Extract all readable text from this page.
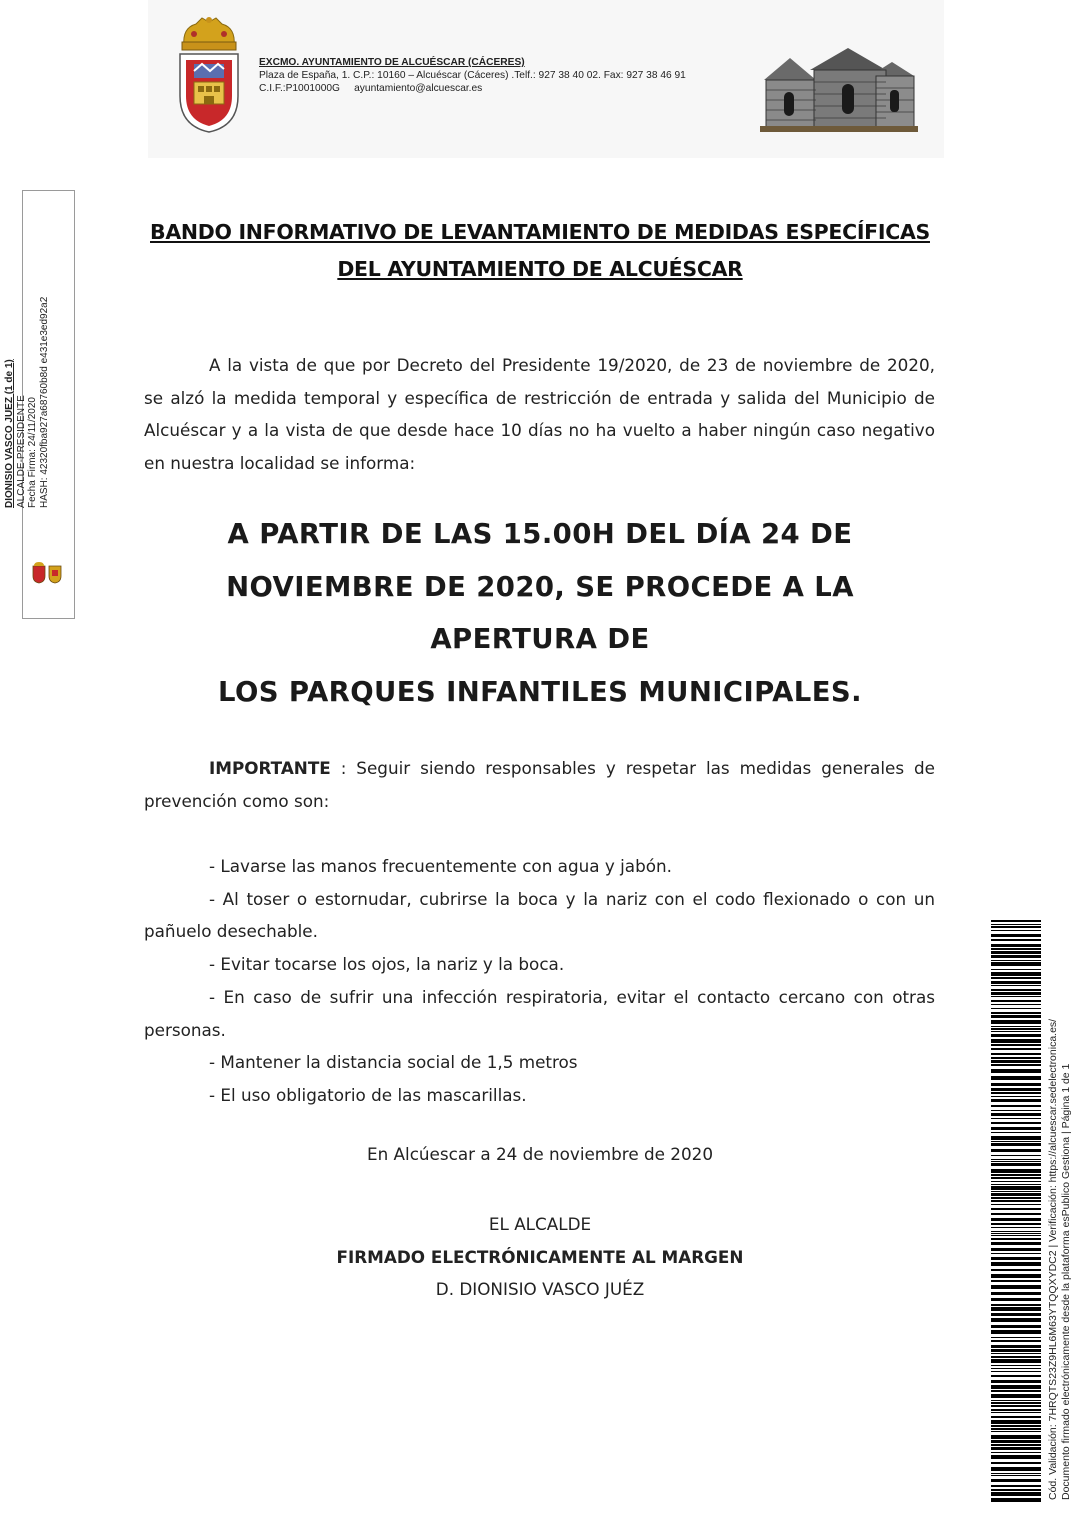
EXCMO. AYUNTAMIENTO DE ALCUÉSCAR (CÁCERES)
Plaza de España, 1. C.P.: 10160 – Alcuéscar (Cáceres) .Telf.: 927 38 40 02. Fax: 927 38 46 91
C.I.F.:P1001000G ayuntamiento@alcuescar.es
DIONISIO VASCO JUEZ (1 de 1) ALCALDE-PRESIDENTE Fecha Firma: 24/11/2020 HASH: 42320fba927a68760b8d e431e3ed92a2
BANDO INFORMATIVO DE LEVANTAMIENTO DE MEDIDAS ESPECÍFICAS
DEL AYUNTAMIENTO DE ALCUÉSCAR
A la vista de que por Decreto del Presidente 19/2020, de 23 de noviembre de 2020, se alzó la medida temporal y específica de restricción de entrada y salida del Municipio de Alcuéscar y a la vista de que desde hace 10 días no ha vuelto a haber ningún caso negativo en nuestra localidad se informa:
A PARTIR DE LAS 15.00H DEL DÍA 24 DE
NOVIEMBRE DE 2020, SE PROCEDE A LA
APERTURA DE
LOS PARQUES INFANTILES MUNICIPALES.
IMPORTANTE : Seguir siendo responsables y respetar las medidas generales de prevención como son:
- Lavarse las manos frecuentemente con agua y jabón.
- Al toser o estornudar, cubrirse la boca y la nariz con el codo flexionado o con un pañuelo desechable.
- Evitar tocarse los ojos, la nariz y la boca.
- En caso de sufrir una infección respiratoria, evitar el contacto cercano con otras personas.
- Mantener la distancia social de 1,5 metros
- El uso obligatorio de las mascarillas.
En Alcúescar a 24 de noviembre de 2020
EL ALCALDE
FIRMADO ELECTRÓNICAMENTE AL MARGEN
D. DIONISIO VASCO JUÉZ	Cód. Validación: 7HRQTS23Z9HL6M63YTQQXYDC2 | Verificación: https://alcuescar.sedelectronica.es/ Documento firmado electrónicamente desde la plataforma esPublico Gestiona | Página 1 de 1
